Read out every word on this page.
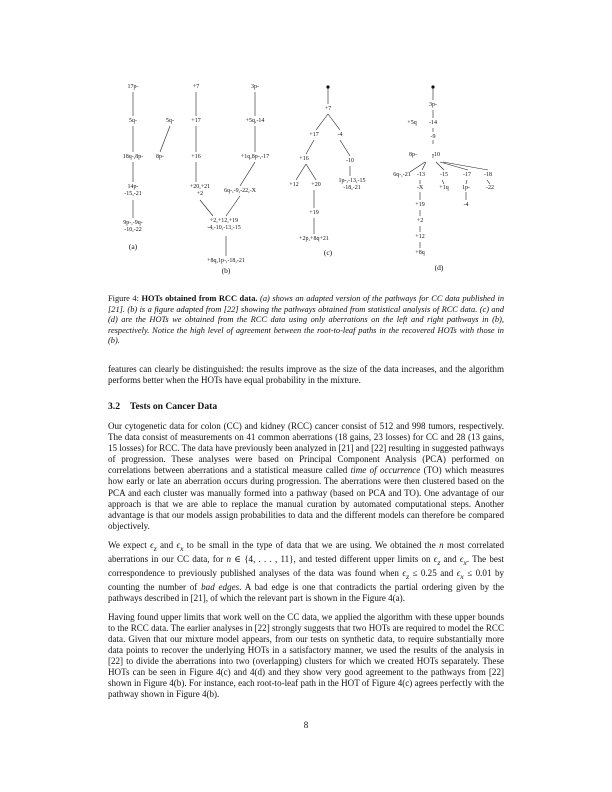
17p-
5q-	5q-
18q-,8p- 8p-
14p-
-15,-21
9p-,-9q-
-10,-22
(a)
+7	3p-
+17	+5q,-14
+16	+1q,8p-,-17
+20,+21
+2	6q-,-9,-22,-X
+2,+12,+19
-4,-10,-13,-15
+8q,1p-,-18,-21
(b)
+7
+17	-4
+16	-10
+12 +20
1p-,-13,-15
-18,-21
+19
+2p,+8q+21
(c)
3p-
+5q -14
-9
8p-	-10
6q-,-21 -13	-15	-17 -18
-X	+1q 1p-	-22
+19	-4
+2
+12
+8q
(d)
Figure 4: HOTs obtained from RCC data. (a) shows an adapted version of the pathways for CC data published in [21]. (b) is a figure adapted from [22] showing the pathways obtained from statistical analysis of RCC data. (c) and (d) are the HOTs we obtained from the RCC data using only aberrations on the left and right pathways in (b), respectively. Notice the high level of agreement between the root-to-leaf paths in the recovered HOTs with those in (b).

features can clearly be distinguished: the results improve as the size of the data increases, and the algorithm performs better when the HOTs have equal probability in the mixture.

3.2 Tests on Cancer Data

Our cytogenetic data for colon (CC) and kidney (RCC) cancer consist of 512 and 998 tumors, respectively. The data consist of measurements on 41 common aberrations (18 gains, 23 losses) for CC and 28 (13 gains, 15 losses) for RCC. The data have previously been analyzed in [21] and [22] resulting in suggested pathways of progression. These analyses were based on Principal Component Analysis (PCA) performed on correlations between aberrations and a statistical measure called time of occurrence (TO) which measures how early or late an aberration occurs during progression. The aberrations were then clustered based on the PCA and each cluster was manually formed into a pathway (based on PCA and TO). One advantage of our approach is that we are able to replace the manual curation by automated computational steps. Another advantage is that our models assign probabilities to data and the different models can therefore be compared objectively.

We expect $\epsilon_z$ and $\epsilon_x$ to be small in the type of data that we are using. We obtained the n most correlated aberrations in our CC data, for n ∈ {4, . . . , 11}, and tested different upper limits on $\epsilon_z$ and $\epsilon_x$. The best correspondence to previously published analyses of the data was found when $\epsilon_z \le 0.25$ and $\epsilon_x \le 0.01$ by counting the number of bad edges. A bad edge is one that contradicts the partial ordering given by the pathways described in [21], of which the relevant part is shown in the Figure 4(a).

Having found upper limits that work well on the CC data, we applied the algorithm with these upper bounds to the RCC data. The earlier analyses in [22] strongly suggests that two HOTs are required to model the RCC data. Given that our mixture model appears, from our tests on synthetic data, to require substantially more data points to recover the underlying HOTs in a satisfactory manner, we used the results of the analysis in [22] to divide the aberrations into two (overlapping) clusters for which we created HOTs separately. These HOTs can be seen in Figure 4(c) and 4(d) and they show very good agreement to the pathways from [22] shown in Figure 4(b). For instance, each root-to-leaf path in the HOT of Figure 4(c) agrees perfectly with the pathway shown in Figure 4(b).

8
